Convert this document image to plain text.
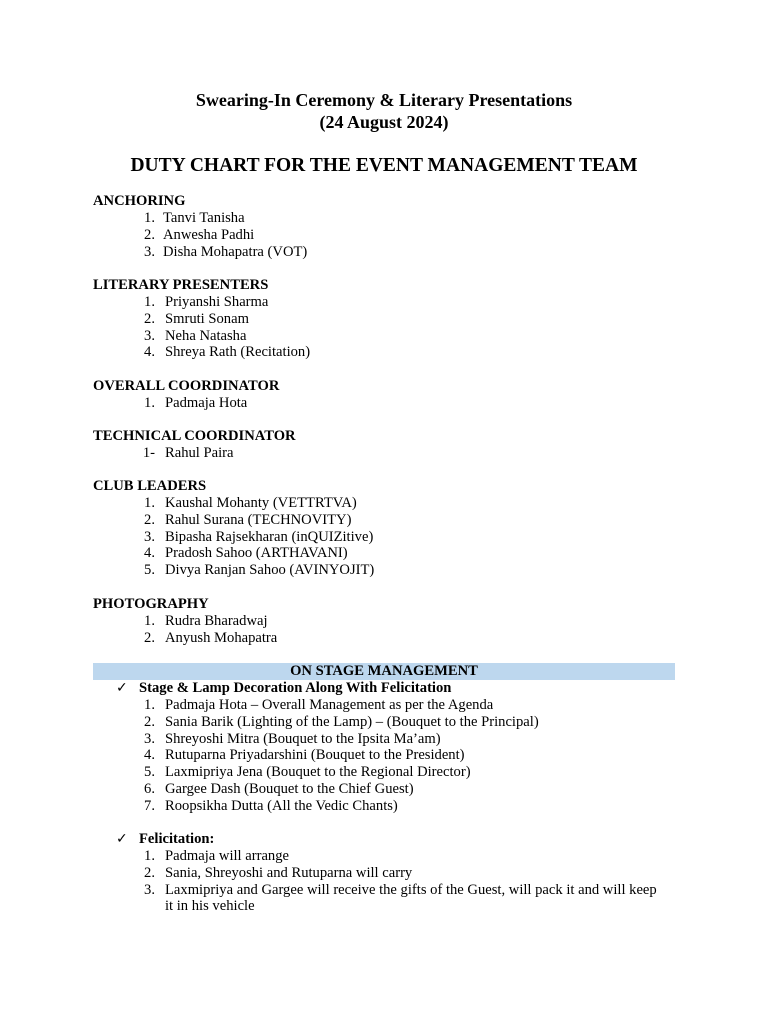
Swearing-In Ceremony & Literary Presentations
(24 August 2024)
DUTY CHART FOR THE EVENT MANAGEMENT TEAM
ANCHORING
1. Tanvi Tanisha
2. Anwesha Padhi
3. Disha Mohapatra (VOT)
LITERARY PRESENTERS
1. Priyanshi Sharma
2. Smruti Sonam
3. Neha Natasha
4. Shreya Rath (Recitation)
OVERALL COORDINATOR
1. Padmaja Hota
TECHNICAL COORDINATOR
1- Rahul Paira
CLUB LEADERS
1. Kaushal Mohanty (VETTRTVA)
2. Rahul Surana (TECHNOVITY)
3. Bipasha Rajsekharan (inQUIZitive)
4. Pradosh Sahoo (ARTHAVANI)
5. Divya Ranjan Sahoo (AVINYOJIT)
PHOTOGRAPHY
1. Rudra Bharadwaj
2. Anyush Mohapatra
ON STAGE MANAGEMENT
✓ Stage & Lamp Decoration Along With Felicitation
1. Padmaja Hota – Overall Management as per the Agenda
2. Sania Barik (Lighting of the Lamp) – (Bouquet to the Principal)
3. Shreyoshi Mitra (Bouquet to the Ipsita Ma’am)
4. Rutuparna Priyadarshini (Bouquet to the President)
5. Laxmipriya Jena (Bouquet to the Regional Director)
6. Gargee Dash (Bouquet to the Chief Guest)
7. Roopsikha Dutta (All the Vedic Chants)
✓ Felicitation:
1. Padmaja will arrange
2. Sania, Shreyoshi and Rutuparna will carry
3. Laxmipriya and Gargee will receive the gifts of the Guest, will pack it and will keep it in his vehicle
